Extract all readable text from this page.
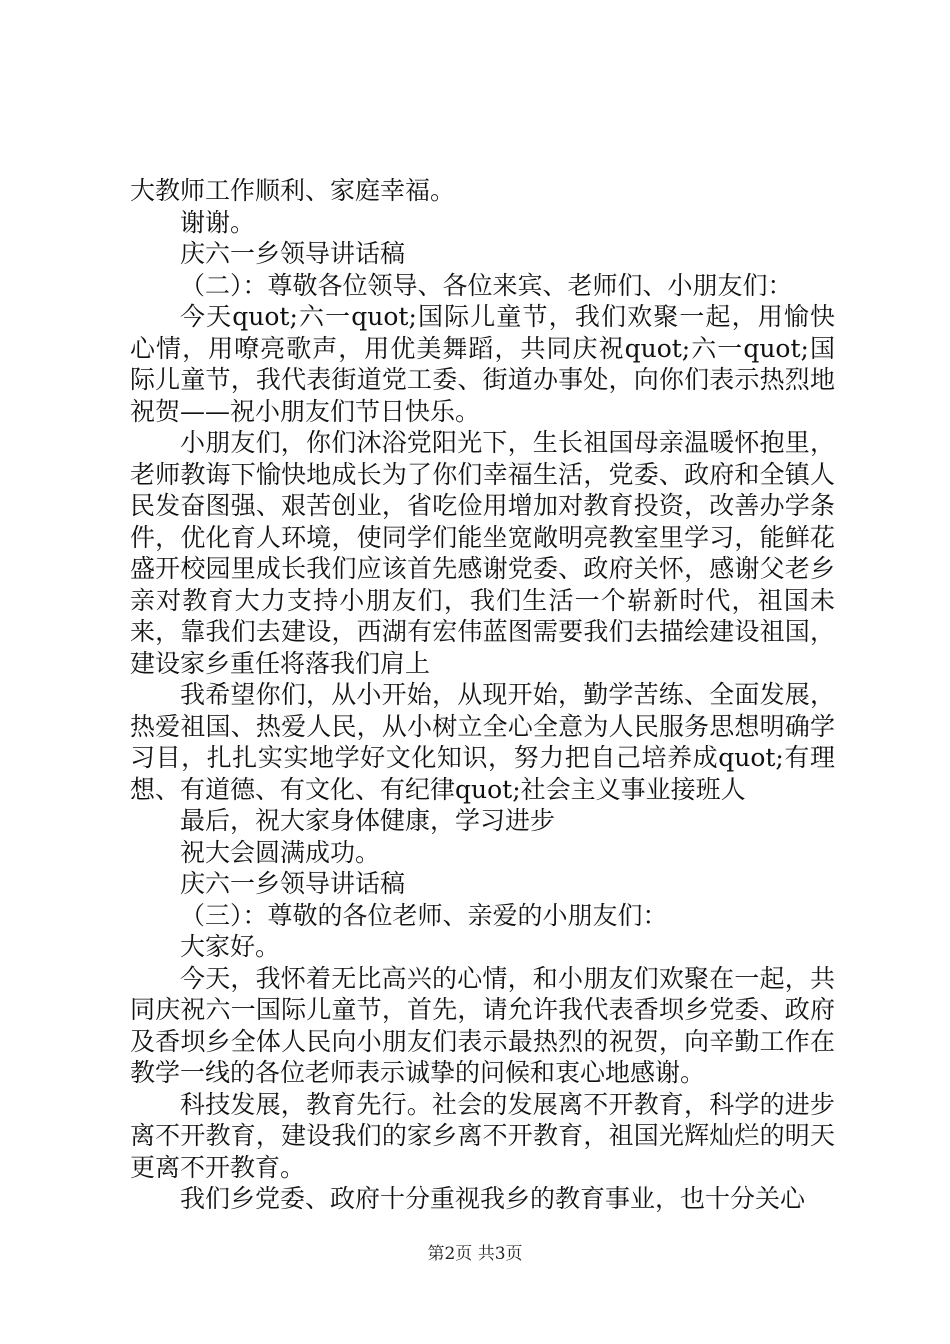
大教师工作顺利、家庭幸福。

谢谢。

庆六一乡领导讲话稿

（二）：尊敬各位领导、各位来宾、老师们、小朋友们：

今天quot;六一quot;国际儿童节，我们欢聚一起，用愉快心情，用嘹亮歌声，用优美舞蹈，共同庆祝quot;六一quot;国际儿童节，我代表街道党工委、街道办事处，向你们表示热烈地祝贺——祝小朋友们节日快乐。

小朋友们，你们沐浴党阳光下，生长祖国母亲温暖怀抱里，老师教诲下愉快地成长为了你们幸福生活，党委、政府和全镇人民发奋图强、艰苦创业，省吃俭用增加对教育投资，改善办学条件，优化育人环境，使同学们能坐宽敞明亮教室里学习，能鲜花盛开校园里成长我们应该首先感谢党委、政府关怀，感谢父老乡亲对教育大力支持小朋友们，我们生活一个崭新时代，祖国未来，靠我们去建设，西湖有宏伟蓝图需要我们去描绘建设祖国，建设家乡重任将落我们肩上

我希望你们，从小开始，从现开始，勤学苦练、全面发展，热爱祖国、热爱人民，从小树立全心全意为人民服务思想明确学习目，扎扎实实地学好文化知识，努力把自己培养成quot;有理想、有道德、有文化、有纪律quot;社会主义事业接班人

最后，祝大家身体健康，学习进步

祝大会圆满成功。

庆六一乡领导讲话稿

（三）：尊敬的各位老师、亲爱的小朋友们：

大家好。

今天，我怀着无比高兴的心情，和小朋友们欢聚在一起，共同庆祝六一国际儿童节，首先，请允许我代表香坝乡党委、政府及香坝乡全体人民向小朋友们表示最热烈的祝贺，向辛勤工作在教学一线的各位老师表示诚挚的问候和衷心地感谢。

科技发展，教育先行。社会的发展离不开教育，科学的进步离不开教育，建设我们的家乡离不开教育，祖国光辉灿烂的明天更离不开教育。

我们乡党委、政府十分重视我乡的教育事业，也十分关心

第2页 共3页
